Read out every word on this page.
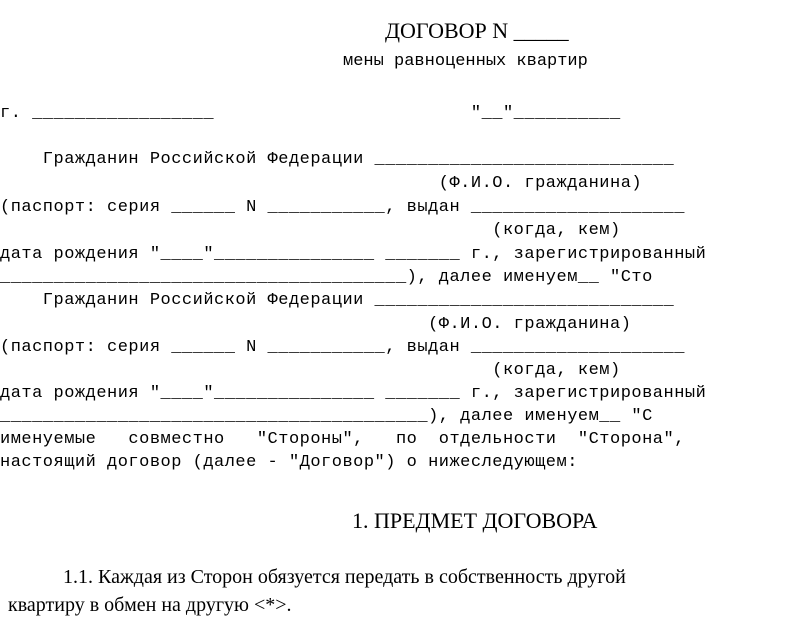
ДОГОВОР N _____
мены равноценных квартир
г. _________________                        "__"__________
Гражданин Российской Федерации ____________________________
(Ф.И.О. гражданина)
(паспорт: серия ______ N ___________, выдан ____________________
(когда, кем)
дата рождения "____"_______________ _______ г., зарегистрированный
______________________________________), далее именуем__ "Сто
Гражданин Российской Федерации ____________________________
(Ф.И.О. гражданина)
(паспорт: серия ______ N ___________, выдан ____________________
(когда, кем)
дата рождения "____"_______________ _______ г., зарегистрированный
________________________________________), далее именуем__ "С
именуемые   совместно   "Стороны",   по  отдельности  "Сторона",
настоящий договор (далее - "Договор") о нижеследующем:
1. ПРЕДМЕТ ДОГОВОРА
1.1. Каждая из Сторон обязуется передать в собственность другой
квартиру в обмен на другую <*>.
